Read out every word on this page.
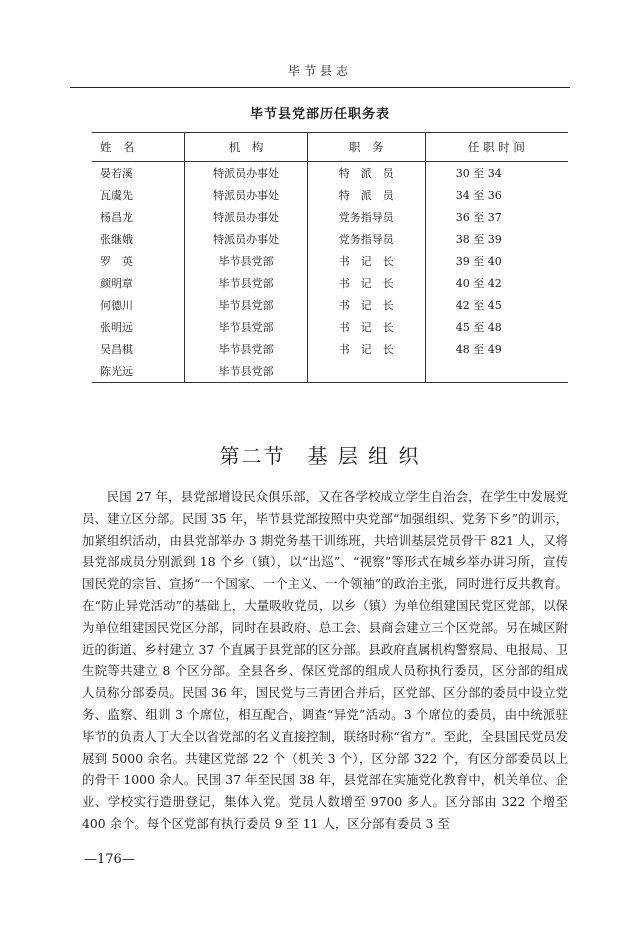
毕节县志
毕节县党部历任职务表
姓　名	机　构	职　务	任 职 时 间
晏若溪	特派员办事处	特　派　员	30 至 34
瓦虞先	特派员办事处	特　派　员	34 至 36
杨昌龙	特派员办事处	党务指导员	36 至 37
张继娥	特派员办事处	党务指导员	38 至 39
罗　英	毕节县党部	书　记　长	39 至 40
颜明章	毕节县党部	书　记　长	40 至 42
何德川	毕节县党部	书　记　长	42 至 45
张明远	毕节县党部	书　记　长	45 至 48
吴昌棋	毕节县党部	书　记　长	48 至 49
陈光远	毕节县党部		
第二节　基 层 组 织

民国 27 年，县党部增设民众俱乐部，又在各学校成立学生自治会，在学生中发展党员、建立区分部。民国 35 年，毕节县党部按照中央党部“加强组织、党务下乡”的训示，加紧组织活动，由县党部举办 3 期党务基干训练班，共培训基层党员骨干 821 人，又将县党部成员分别派到 18 个乡（镇），以“出巡”、“视察”等形式在城乡举办讲习所，宣传国民党的宗旨、宣扬“一个国家、一个主义、一个领袖”的政治主张，同时进行反共教育。在“防止异党活动”的基础上，大量吸收党员，以乡（镇）为单位组建国民党区党部，以保为单位组建国民党区分部，同时在县政府、总工会、县商会建立三个区党部。另在城区附近的街道、乡村建立 37 个直属于县党部的区分部。县政府直属机构警察局、电报局、卫生院等共建立 8 个区分部。全县各乡、保区党部的组成人员称执行委员，区分部的组成人员称分部委员。民国 36 年，国民党与三青团合并后，区党部、区分部的委员中设立党务、监察、组训 3 个席位，相互配合，调查“异党”活动。3 个席位的委员，由中统派驻毕节的负责人丁大全以省党部的名义直接控制，联络时称“省方”。至此，全县国民党员发展到 5000 余名。共建区党部 22 个（机关 3 个），区分部 322 个，有区分部委员以上的骨干 1000 余人。民国 37 年至民国 38 年，县党部在实施党化教育中，机关单位、企业、学校实行造册登记，集体入党。党员人数增至 9700 多人。区分部由 322 个增至 400 余个。每个区党部有执行委员 9 至 11 人，区分部有委员 3 至

—176—
